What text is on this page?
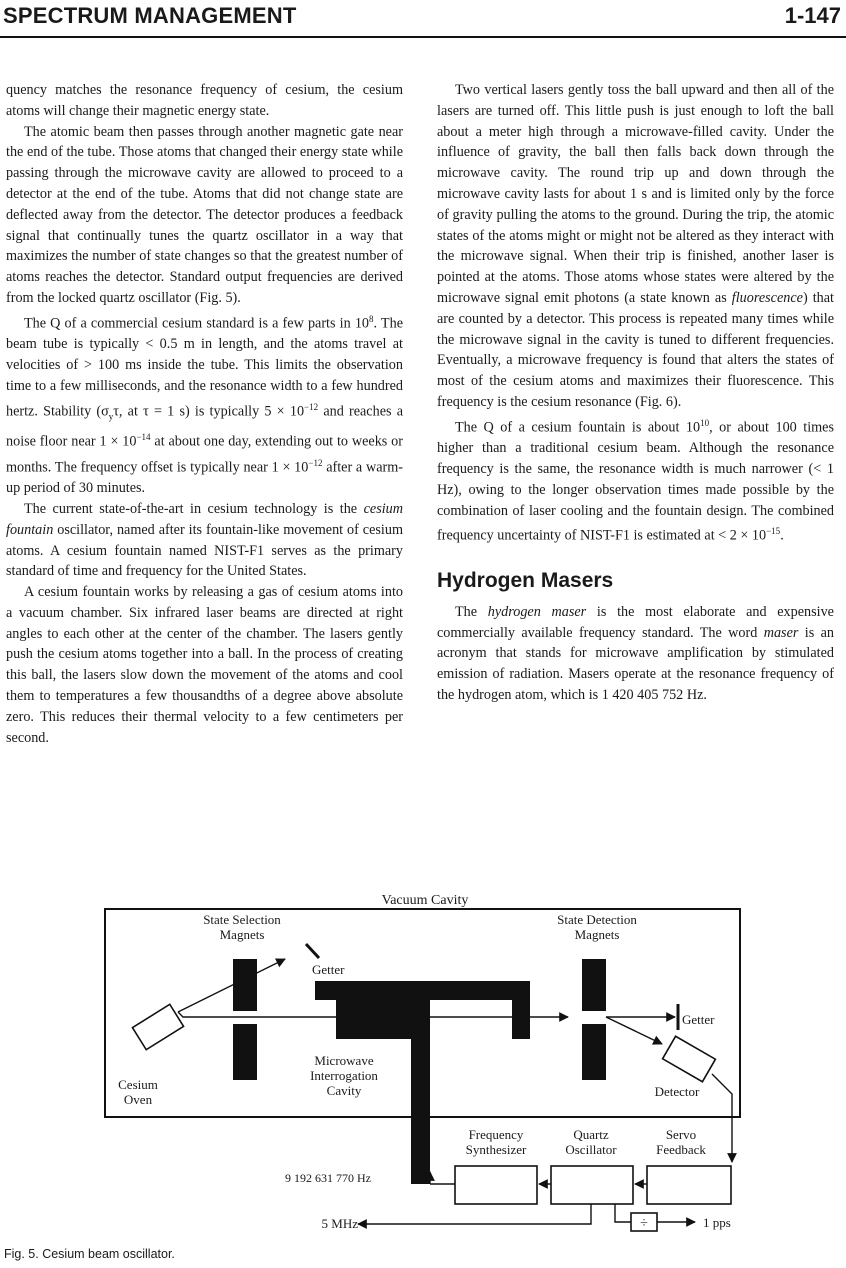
SPECTRUM MANAGEMENT	1-147

quency matches the resonance frequency of cesium, the cesium atoms will change their magnetic energy state.

The atomic beam then passes through another magnetic gate near the end of the tube. Those atoms that changed their energy state while passing through the microwave cavity are allowed to proceed to a detector at the end of the tube. Atoms that did not change state are deflected away from the detector. The detector produces a feedback signal that continually tunes the quartz oscillator in a way that maximizes the number of state changes so that the greatest number of atoms reaches the detector. Standard output frequencies are derived from the locked quartz oscillator (Fig. 5).

The Q of a commercial cesium standard is a few parts in $10^8$. The beam tube is typically < 0.5 m in length, and the atoms travel at velocities of > 100 ms inside the tube. This limits the observation time to a few milliseconds, and the resonance width to a few hundred hertz. Stability ($\sigma_y\tau$, at τ = 1 s) is typically $5 \times 10^{-12}$ and reaches a noise floor near $1 \times 10^{-14}$ at about one day, extending out to weeks or months. The frequency offset is typically near $1 \times 10^{-12}$ after a warm-up period of 30 minutes.

The current state-of-the-art in cesium technology is the cesium fountain oscillator, named after its fountain-like movement of cesium atoms. A cesium fountain named NIST-F1 serves as the primary standard of time and frequency for the United States.

A cesium fountain works by releasing a gas of cesium atoms into a vacuum chamber. Six infrared laser beams are directed at right angles to each other at the center of the chamber. The lasers gently push the cesium atoms together into a ball. In the process of creating this ball, the lasers slow down the movement of the atoms and cool them to temperatures a few thousandths of a degree above absolute zero. This reduces their thermal velocity to a few centimeters per second.

Two vertical lasers gently toss the ball upward and then all of the lasers are turned off. This little push is just enough to loft the ball about a meter high through a microwave-filled cavity. Under the influence of gravity, the ball then falls back down through the microwave cavity. The round trip up and down through the microwave cavity lasts for about 1 s and is limited only by the force of gravity pulling the atoms to the ground. During the trip, the atomic states of the atoms might or might not be altered as they interact with the microwave signal. When their trip is finished, another laser is pointed at the atoms. Those atoms whose states were altered by the microwave signal emit photons (a state known as fluorescence) that are counted by a detector. This process is repeated many times while the microwave signal in the cavity is tuned to different frequencies. Eventually, a microwave frequency is found that alters the states of most of the cesium atoms and maximizes their fluorescence. This frequency is the cesium resonance (Fig. 6).

The Q of a cesium fountain is about $10^{10}$, or about 100 times higher than a traditional cesium beam. Although the resonance frequency is the same, the resonance width is much narrower (< 1 Hz), owing to the longer observation times made possible by the combination of laser cooling and the fountain design. The combined frequency uncertainty of NIST-F1 is estimated at < $2 \times 10^{-15}$.

Hydrogen Masers

The hydrogen maser is the most elaborate and expensive commercially available frequency standard. The word maser is an acronym that stands for microwave amplification by stimulated emission of radiation. Masers operate at the resonance frequency of the hydrogen atom, which is 1 420 405 752 Hz.

Vacuum Cavity
State Selection
Magnets
State Detection
Magnets
Microwave
Interrogation
Cavity
Cesium
Oven
Getter
Getter
Detector
Frequency
Synthesizer
Quartz
Oscillator
Servo
Feedback
9 192 631 770 Hz
5 MHz	÷	1 pps
Fig. 5. Cesium beam oscillator.
